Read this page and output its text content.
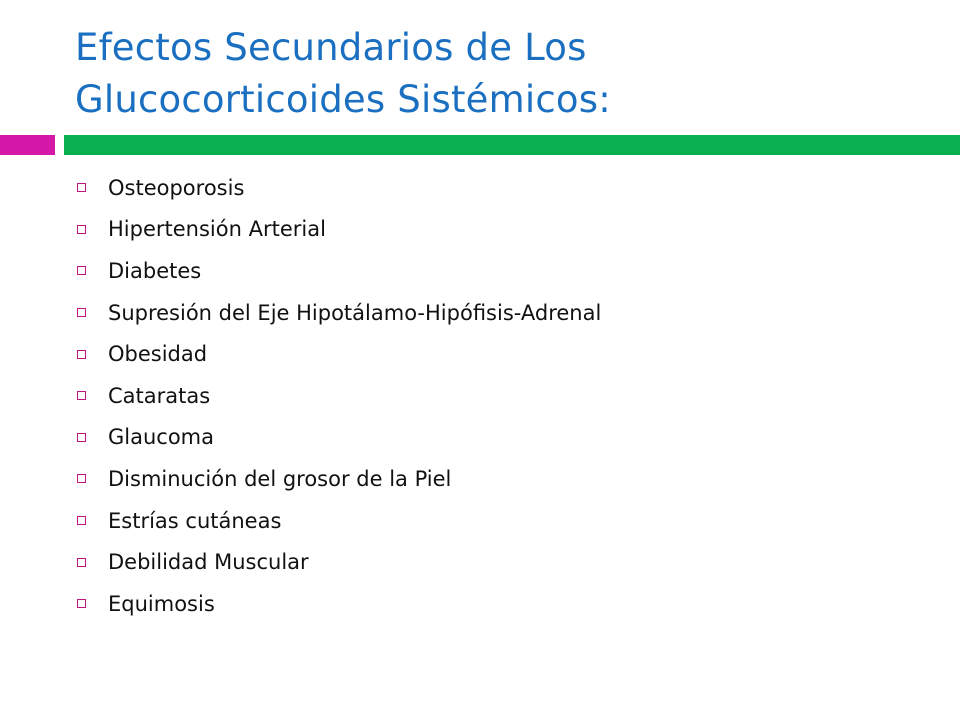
Efectos Secundarios de Los
Glucocorticoides Sistémicos:
Osteoporosis
Hipertensión Arterial
Diabetes
Supresión del Eje Hipotálamo-Hipófisis-Adrenal
Obesidad
Cataratas
Glaucoma
Disminución del grosor de la Piel
Estrías cutáneas
Debilidad Muscular
Equimosis
